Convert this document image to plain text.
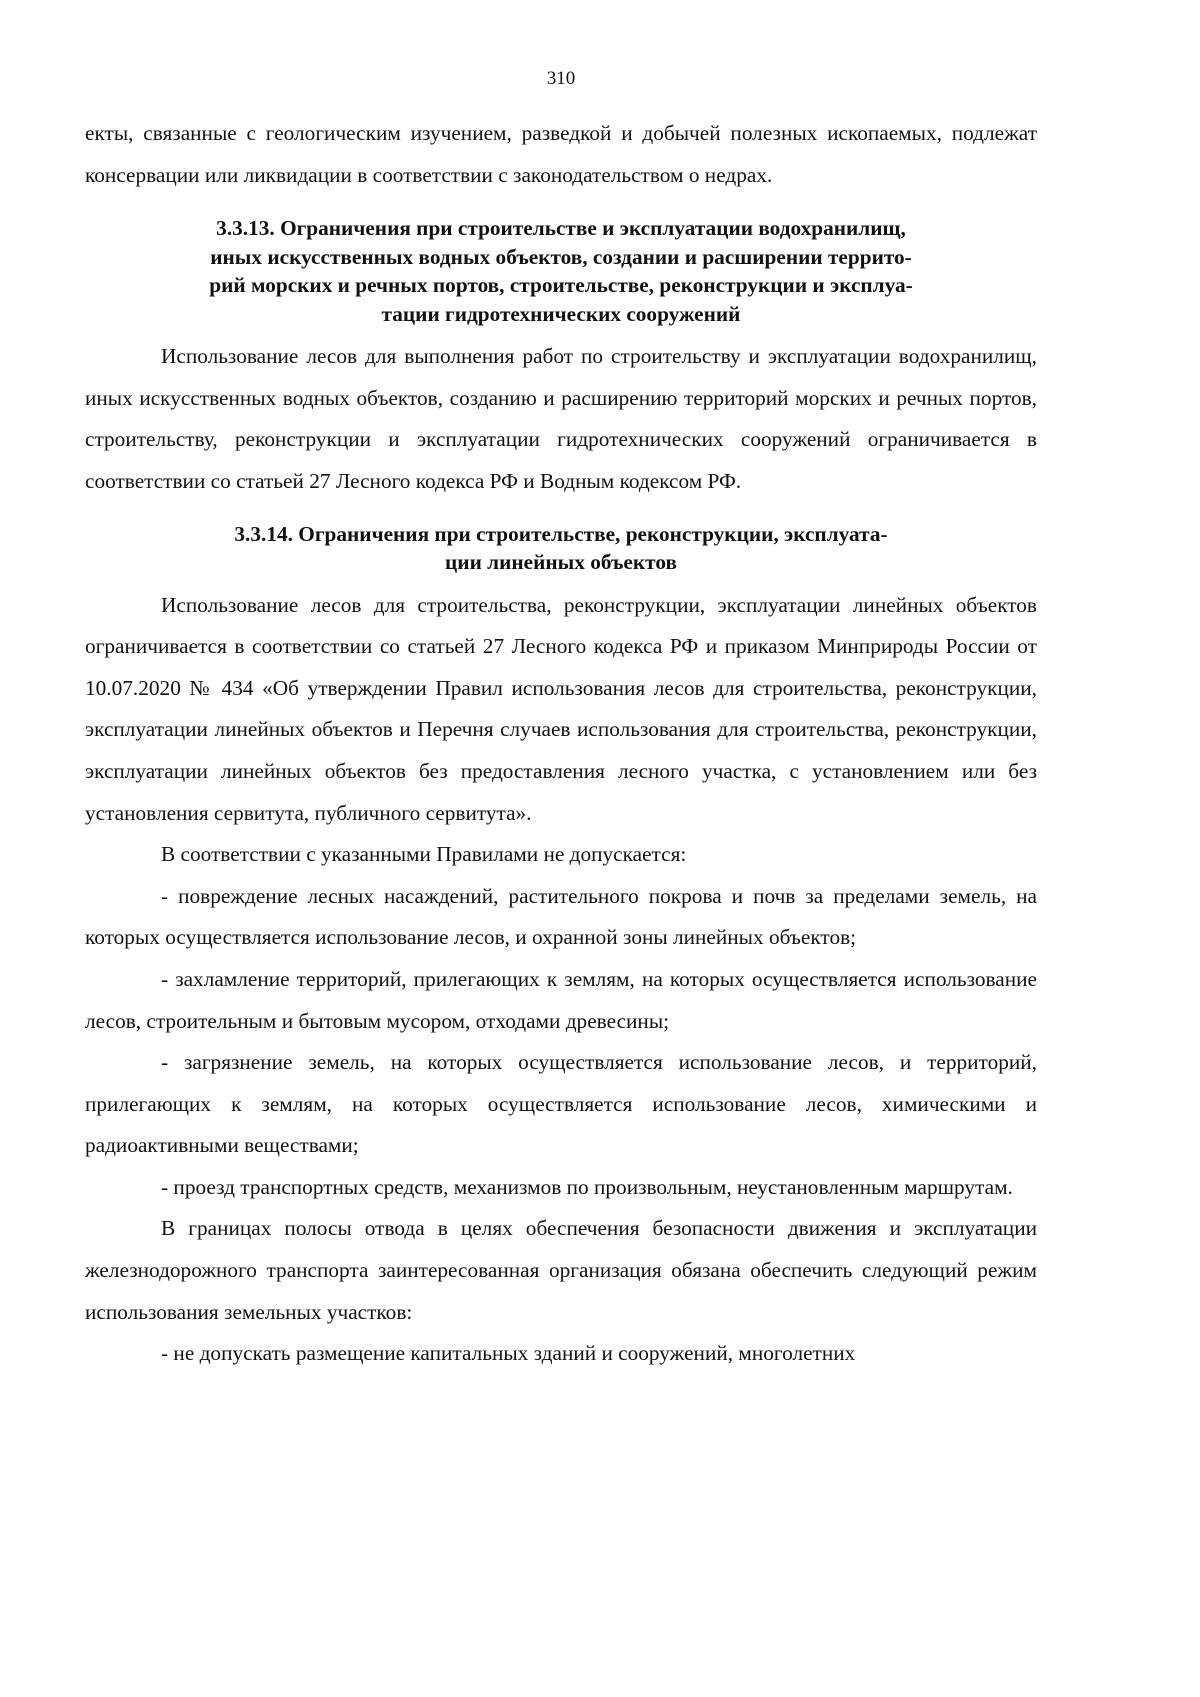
310

екты, связанные с геологическим изучением, разведкой и добычей полезных ископаемых, подлежат консервации или ликвидации в соответствии с законодательством о недрах.

3.3.13. Ограничения при строительстве и эксплуатации водохранилищ,
иных искусственных водных объектов, создании и расширении террито-
рий морских и речных портов, строительстве, реконструкции и эксплуа-
тации гидротехнических сооружений

Использование лесов для выполнения работ по строительству и эксплуатации водохранилищ, иных искусственных водных объектов, созданию и расширению территорий морских и речных портов, строительству, реконструкции и эксплуатации гидротехнических сооружений ограничивается в соответствии со статьей 27 Лесного кодекса РФ и Водным кодексом РФ.

3.3.14. Ограничения при строительстве, реконструкции, эксплуата-
ции линейных объектов

Использование лесов для строительства, реконструкции, эксплуатации линейных объектов ограничивается в соответствии со статьей 27 Лесного кодекса РФ и приказом Минприроды России от 10.07.2020 № 434 «Об утверждении Правил использования лесов для строительства, реконструкции, эксплуатации линейных объектов и Перечня случаев использования для строительства, реконструкции, эксплуатации линейных объектов без предоставления лесного участка, с установлением или без установления сервитута, публичного сервитута».

В соответствии с указанными Правилами не допускается:

- повреждение лесных насаждений, растительного покрова и почв за пределами земель, на которых осуществляется использование лесов, и охранной зоны линейных объектов;

- захламление территорий, прилегающих к землям, на которых осуществляется использование лесов, строительным и бытовым мусором, отходами древесины;

- загрязнение земель, на которых осуществляется использование лесов, и территорий, прилегающих к землям, на которых осуществляется использование лесов, химическими и радиоактивными веществами;

- проезд транспортных средств, механизмов по произвольным, неустановленным маршрутам.

В границах полосы отвода в целях обеспечения безопасности движения и эксплуатации железнодорожного транспорта заинтересованная организация обязана обеспечить следующий режим использования земельных участков:

- не допускать размещение капитальных зданий и сооружений, многолетних
